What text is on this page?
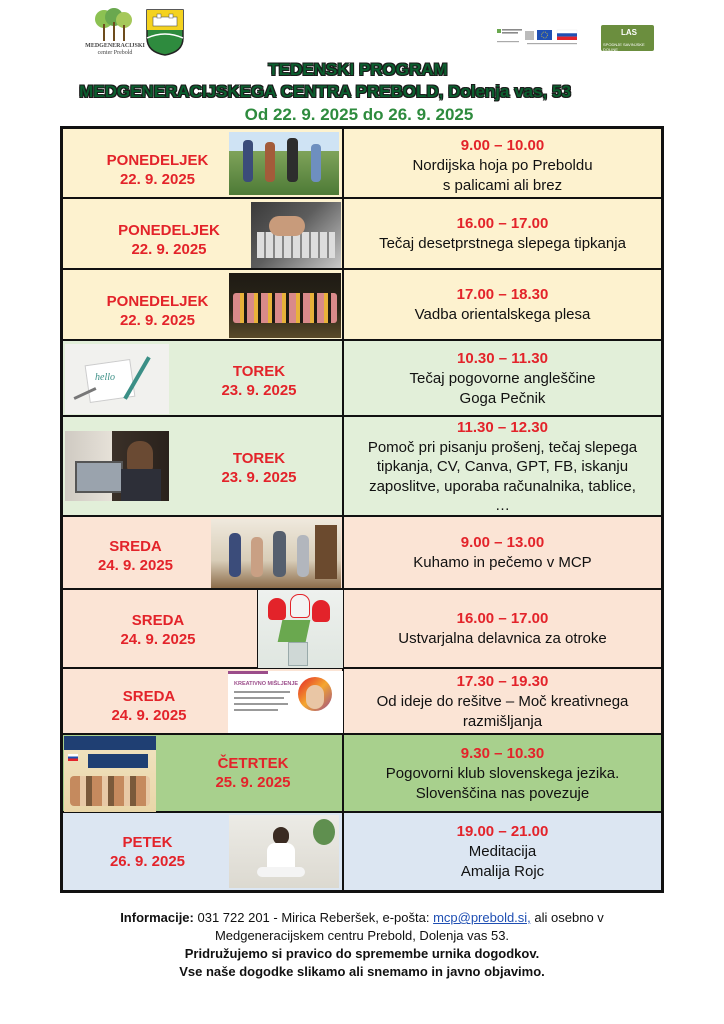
MEDGENERACIJSKI
center Prebold
LAS
SPODNJE SAVINJSKE DOLINE
TEDENSKI PROGRAM
MEDGENERACIJSKEGA CENTRA PREBOLD, Dolenja vas, 53
Od 22. 9. 2025 do 26. 9. 2025
PONEDELJEK
22. 9. 2025
9.00 – 10.00
Nordijska hoja po Preboldu
s palicami ali brez
PONEDELJEK
22. 9. 2025
16.00 – 17.00
Tečaj desetprstnega slepega tipkanja
PONEDELJEK
22. 9. 2025
17.00 – 18.30
Vadba orientalskega plesa
hello	TOREK
23. 9. 2025
10.30 – 11.30
Tečaj pogovorne angleščine
Goga Pečnik
TOREK
23. 9. 2025
11.30 – 12.30
Pomoč pri pisanju prošenj, tečaj slepega
tipkanja, CV, Canva, GPT, FB, iskanju
zaposlitve, uporaba računalnika, tablice,
…
SREDA
24. 9. 2025
9.00 – 13.00
Kuhamo in pečemo v MCP
SREDA
24. 9. 2025
16.00 – 17.00
Ustvarjalna delavnica za otroke
SREDA
24. 9. 2025
KREATIVNO MIŠLJENJE	17.30 – 19.30
Od ideje do rešitve – Moč kreativnega
razmišljanja
ČETRTEK
25. 9. 2025
9.30 – 10.30
Pogovorni klub slovenskega jezika.
Slovenščina nas povezuje
PETEK
26. 9. 2025
19.00 – 21.00
Meditacija
Amalija Rojc
Informacije: 031 722 201 - Mirica Reberšek, e-pošta: mcp@prebold.si, ali osebno v
Medgeneracijskem centru Prebold, Dolenja vas 53.
Pridružujemo si pravico do spremembe urnika dogodkov.
Vse naše dogodke slikamo ali snemamo in javno objavimo.
